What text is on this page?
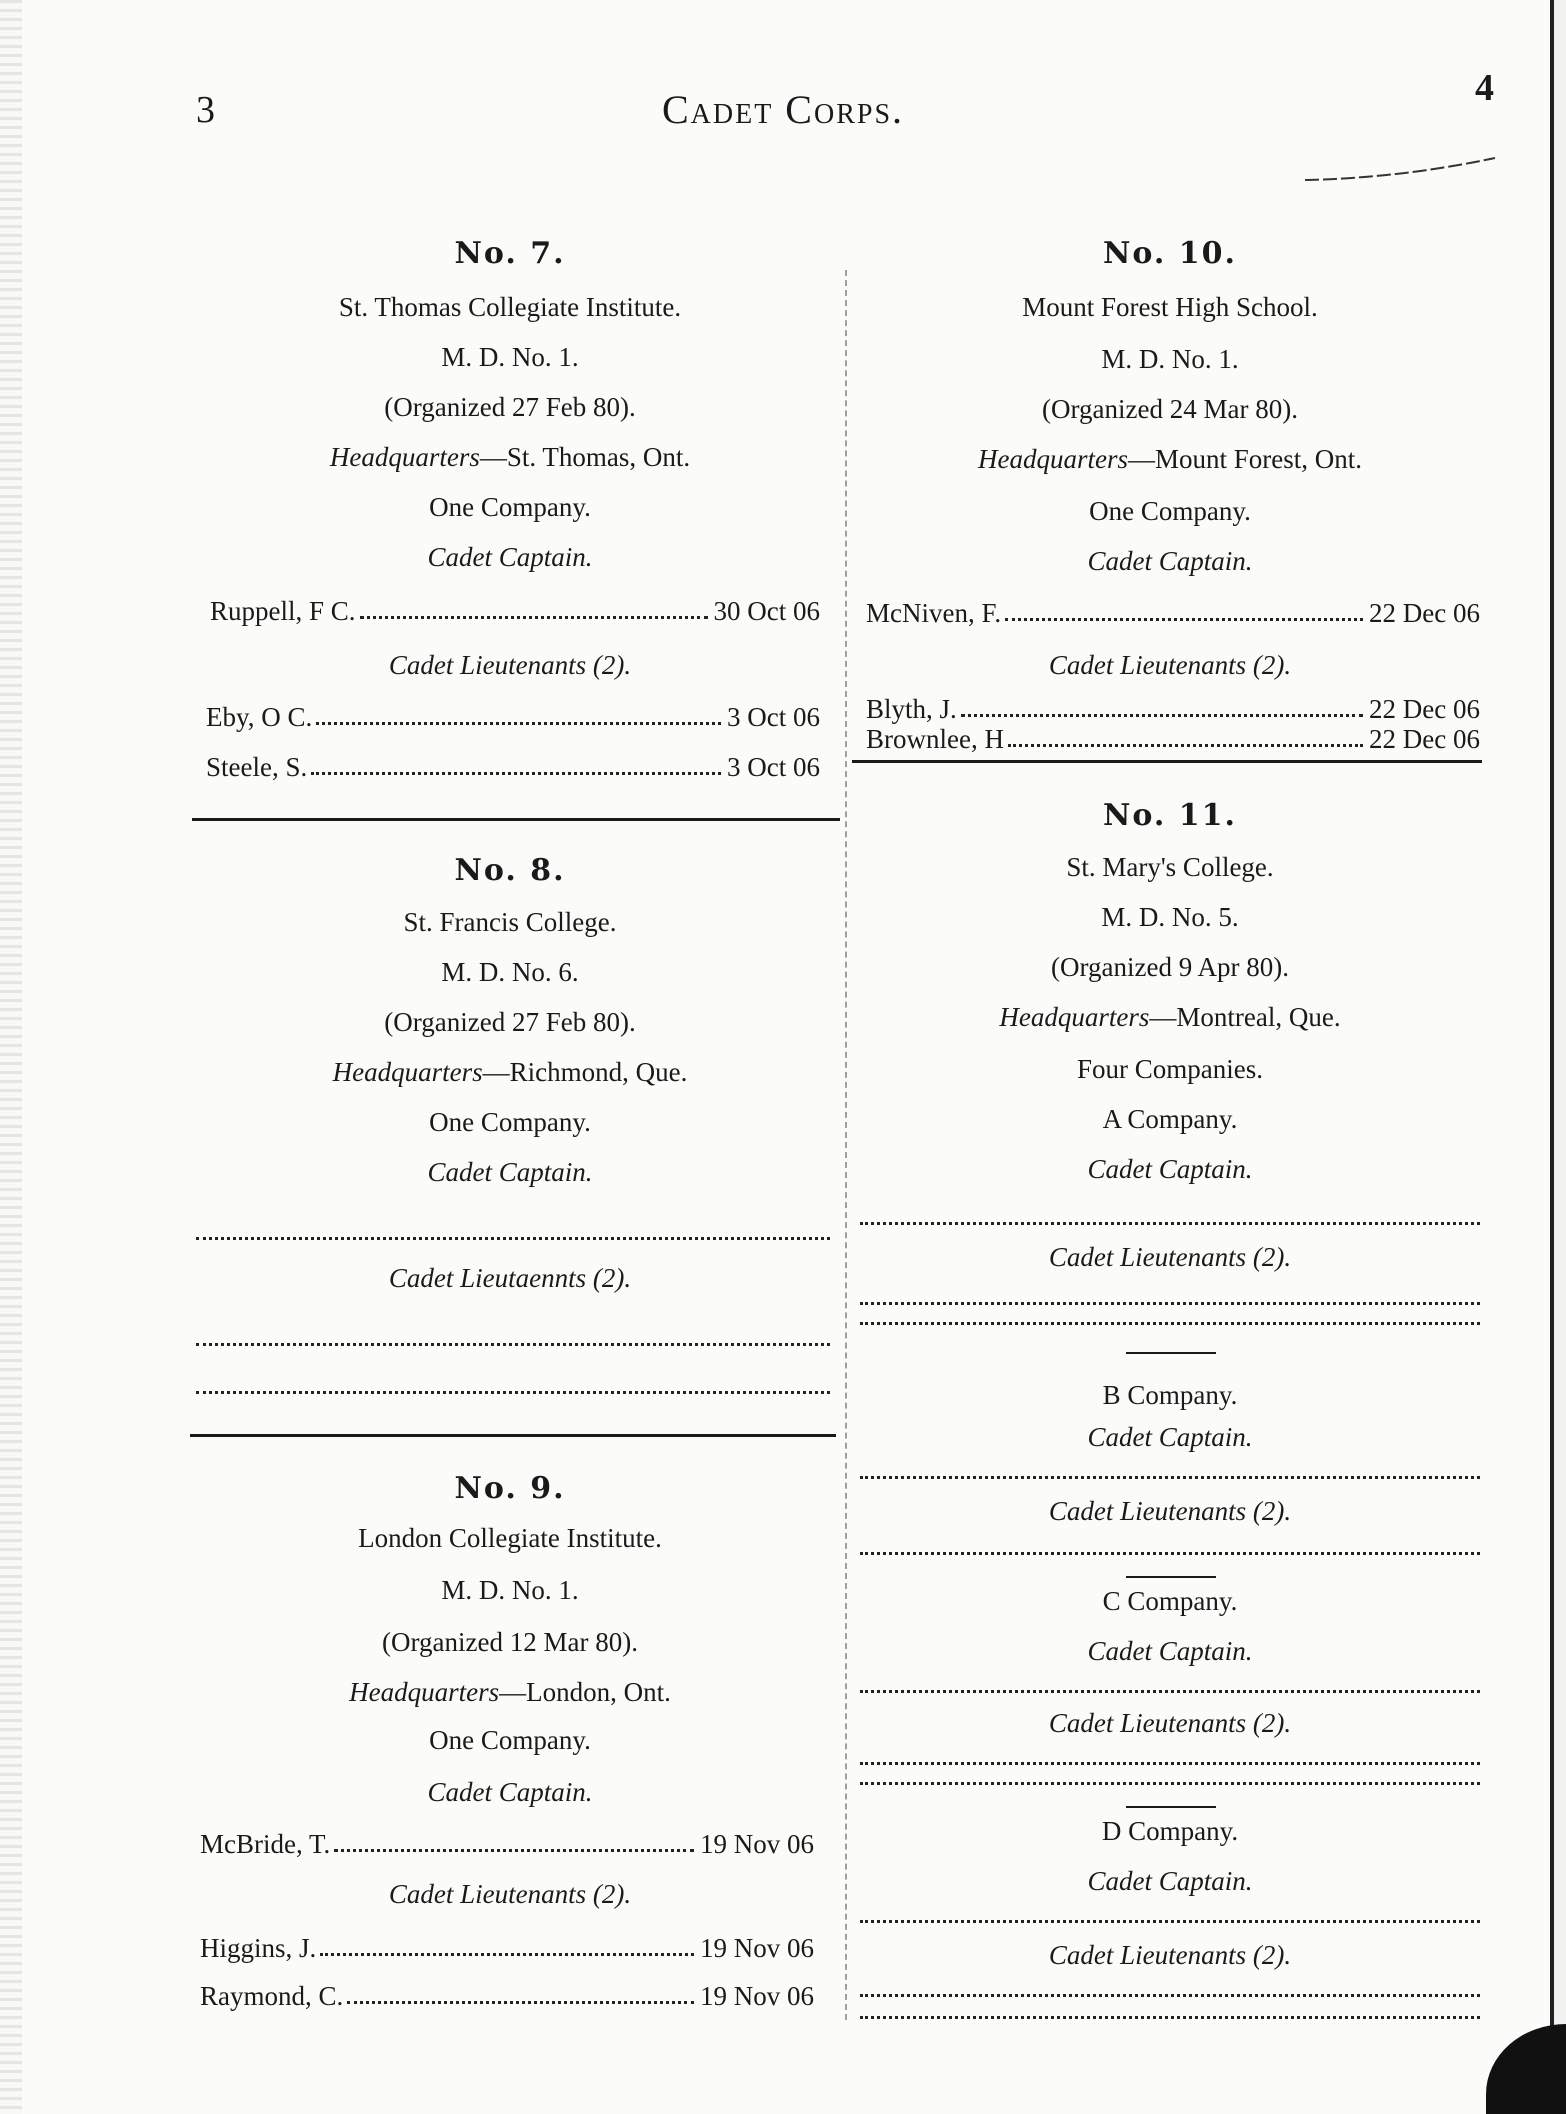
3	Cadet Corps.	4
No. 7.
St. Thomas Collegiate Institute.
M. D. No. 1.
(Organized 27 Feb 80).
Headquarters—St. Thomas, Ont.
One Company.
Cadet Captain.
Ruppell, F C.	30 Oct 06
Cadet Lieutenants (2).
Eby, O C.	3 Oct 06
Steele, S.	3 Oct 06
No. 8.
St. Francis College.
M. D. No. 6.
(Organized 27 Feb 80).
Headquarters—Richmond, Que.
One Company.
Cadet Captain.
Cadet Lieutaennts (2).
No. 9.
London Collegiate Institute.
M. D. No. 1.
(Organized 12 Mar 80).
Headquarters—London, Ont.
One Company.
Cadet Captain.
McBride, T.	19 Nov 06
Cadet Lieutenants (2).
Higgins, J.	19 Nov 06
Raymond, C.	19 Nov 06
No. 10.
Mount Forest High School.
M. D. No. 1.
(Organized 24 Mar 80).
Headquarters—Mount Forest, Ont.
One Company.
Cadet Captain.
McNiven, F.	22 Dec 06
Cadet Lieutenants (2).
Blyth, J.	22 Dec 06
Brownlee, H	22 Dec 06
No. 11.
St. Mary's College.
M. D. No. 5.
(Organized 9 Apr 80).
Headquarters—Montreal, Que.
Four Companies.
A Company.
Cadet Captain.
Cadet Lieutenants (2).
B Company.
Cadet Captain.
Cadet Lieutenants (2).
C Company.
Cadet Captain.
Cadet Lieutenants (2).
D Company.
Cadet Captain.
Cadet Lieutenants (2).
